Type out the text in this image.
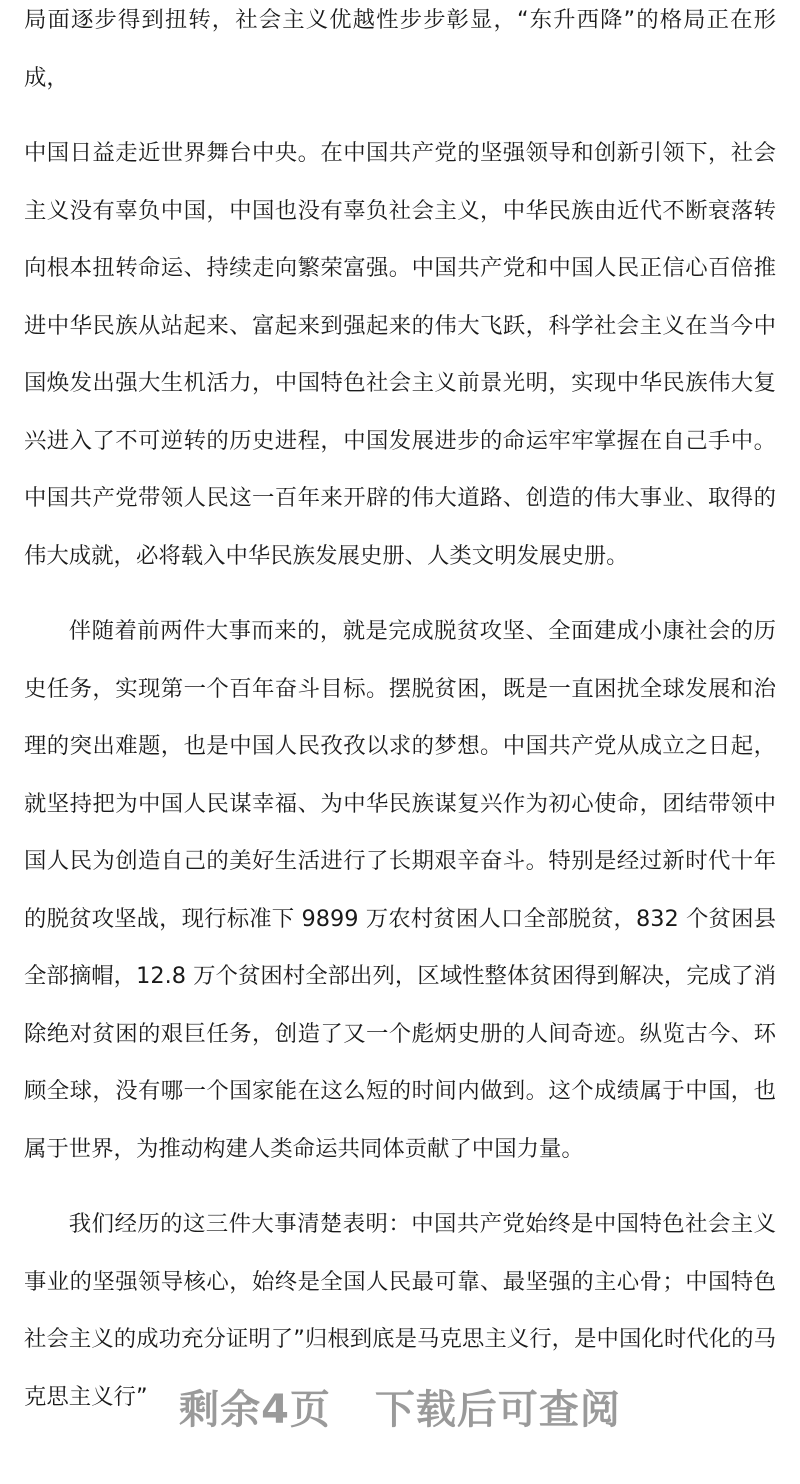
局面逐步得到扭转，社会主义优越性步步彰显，“东升西降”的格局正在形成，

中国日益走近世界舞台中央。在中国共产党的坚强领导和创新引领下，社会主义没有辜负中国，中国也没有辜负社会主义，中华民族由近代不断衰落转向根本扭转命运、持续走向繁荣富强。中国共产党和中国人民正信心百倍推进中华民族从站起来、富起来到强起来的伟大飞跃，科学社会主义在当今中国焕发出强大生机活力，中国特色社会主义前景光明，实现中华民族伟大复兴进入了不可逆转的历史进程，中国发展进步的命运牢牢掌握在自己手中。中国共产党带领人民这一百年来开辟的伟大道路、创造的伟大事业、取得的伟大成就，必将载入中华民族发展史册、人类文明发展史册。

伴随着前两件大事而来的，就是完成脱贫攻坚、全面建成小康社会的历史任务，实现第一个百年奋斗目标。摆脱贫困，既是一直困扰全球发展和治理的突出难题，也是中国人民孜孜以求的梦想。中国共产党从成立之日起，就坚持把为中国人民谋幸福、为中华民族谋复兴作为初心使命，团结带领中国人民为创造自己的美好生活进行了长期艰辛奋斗。特别是经过新时代十年的脱贫攻坚战，现行标准下 9899 万农村贫困人口全部脱贫，832 个贫困县全部摘帽，12.8 万个贫困村全部出列，区域性整体贫困得到解决，完成了消除绝对贫困的艰巨任务，创造了又一个彪炳史册的人间奇迹。纵览古今、环顾全球，没有哪一个国家能在这么短的时间内做到。这个成绩属于中国，也属于世界，为推动构建人类命运共同体贡献了中国力量。

我们经历的这三件大事清楚表明：中国共产党始终是中国特色社会主义事业的坚强领导核心，始终是全国人民最可靠、最坚强的主心骨；中国特色社会主义的成功充分证明了”归根到底是马克思主义行，是中国化时代化的马克思主义行” 剩余4页 下载后可查阅
